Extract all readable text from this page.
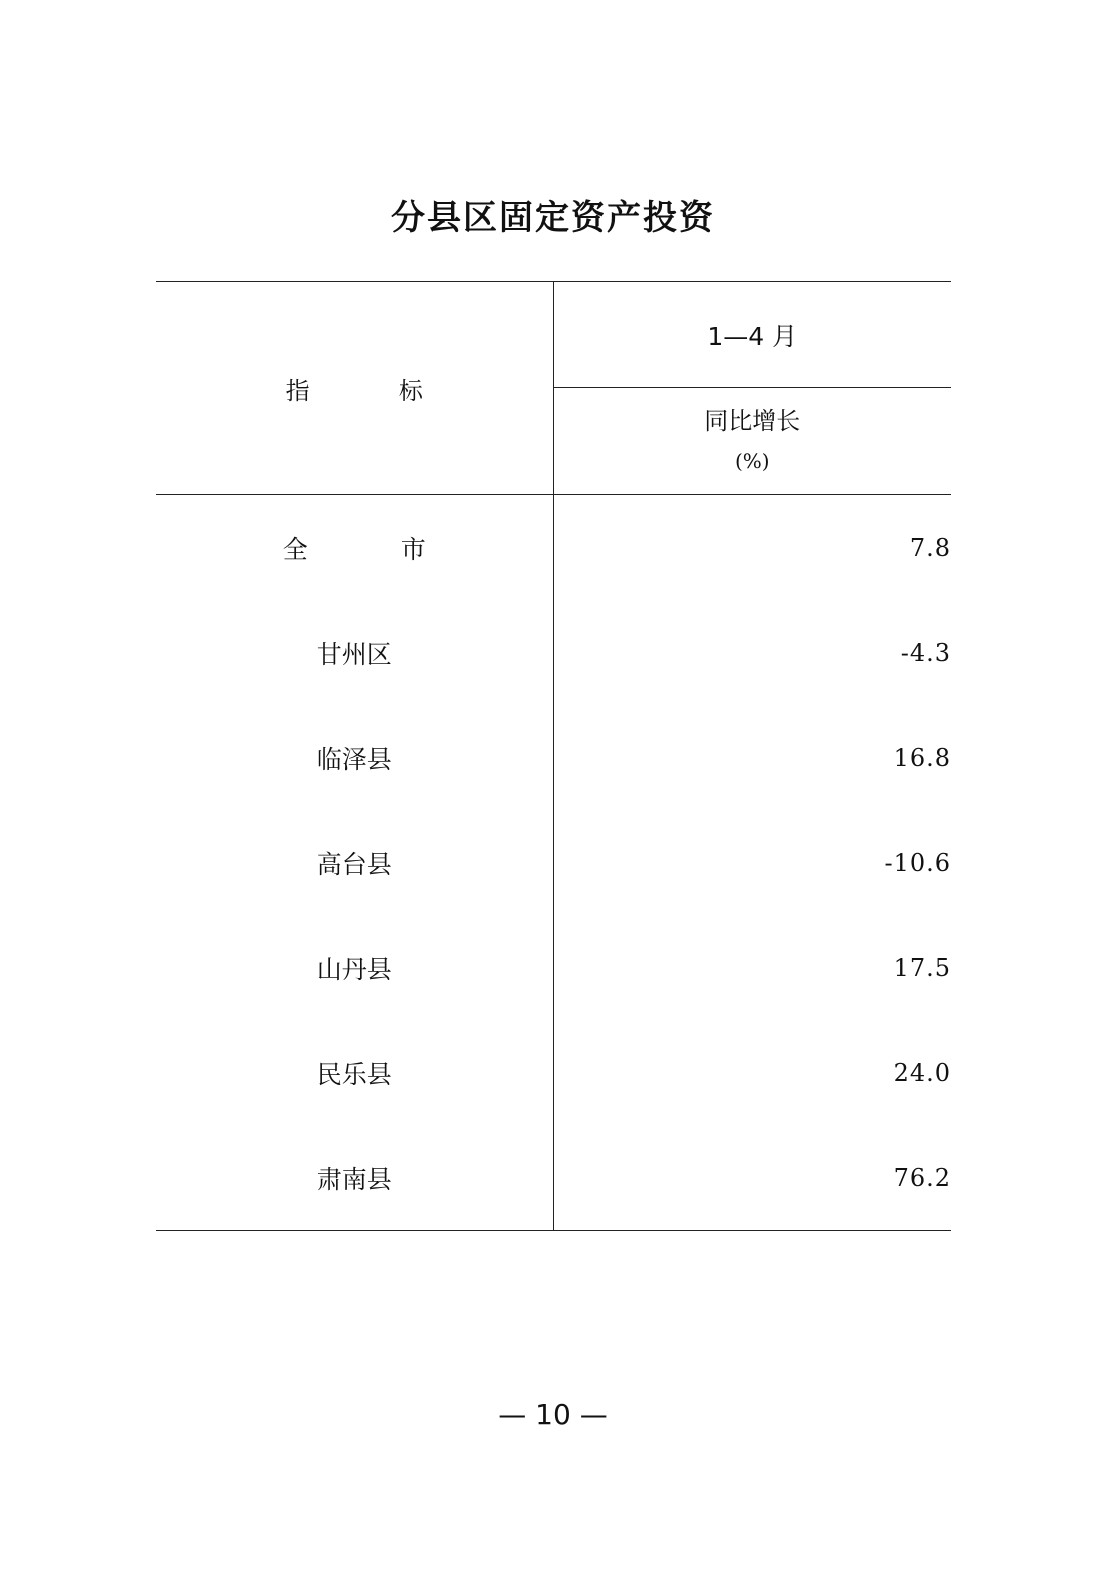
分县区固定资产投资
指 标	1—4 月
	同比增长
(%)

全 市	7.8
甘州区	-4.3
临泽县	16.8
高台县	-10.6
山丹县	17.5
民乐县	24.0
肃南县	76.2
— 10 —
